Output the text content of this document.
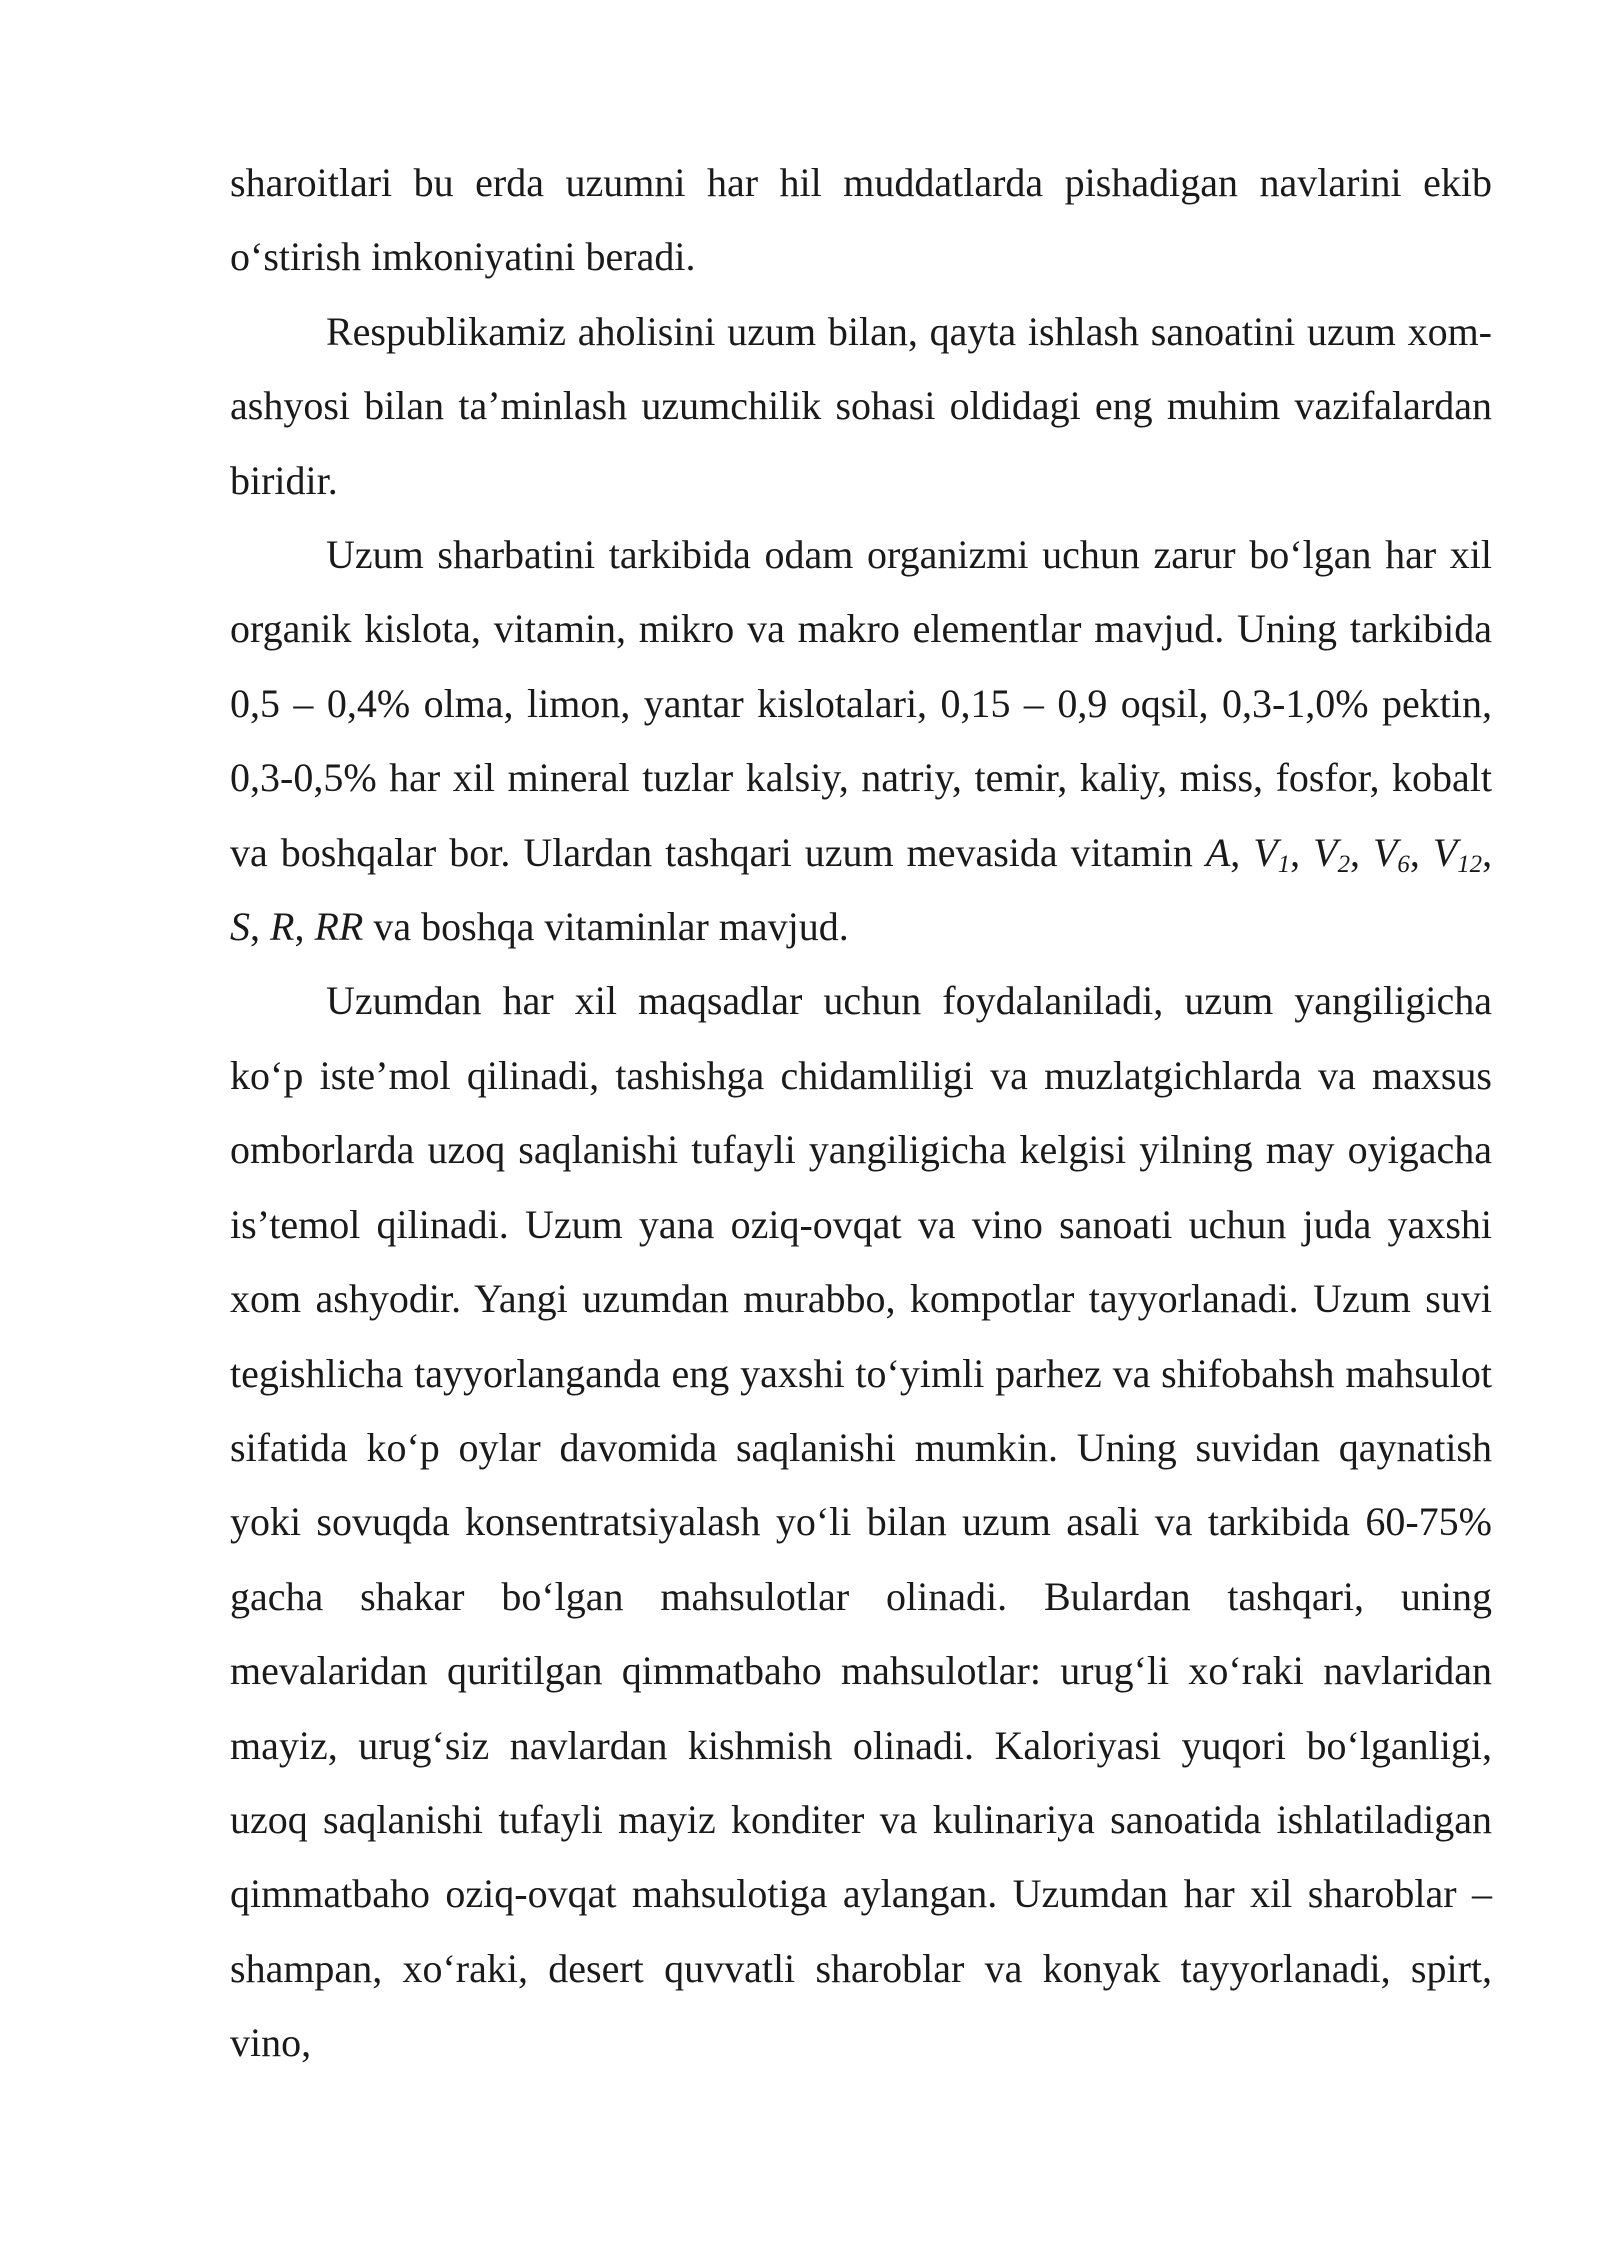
sharoitlari bu erda uzumni har hil muddatlarda pishadigan navlarini ekib o‘stirish imkoniyatini beradi.

Respublikamiz aholisini uzum bilan, qayta ishlash sanoatini uzum xom-ashyosi bilan ta’minlash uzumchilik sohasi oldidagi eng muhim vazifalardan biridir.

Uzum sharbatini tarkibida odam organizmi uchun zarur bo‘lgan har xil organik kislota, vitamin, mikro va makro elementlar mavjud. Uning tarkibida 0,5 – 0,4% olma, limon, yantar kislotalari, 0,15 – 0,9 oqsil, 0,3-1,0% pektin, 0,3-0,5% har xil mineral tuzlar kalsiy, natriy, temir, kaliy, miss, fosfor, kobalt va boshqalar bor. Ulardan tashqari uzum mevasida vitamin A, $V_1$, $V_2$, $V_6$, $V_{12}$, S, R, RR va boshqa vitaminlar mavjud.

Uzumdan har xil maqsadlar uchun foydalaniladi, uzum yangiligicha ko‘p iste’mol qilinadi, tashishga chidamliligi va muzlatgichlarda va maxsus omborlarda uzoq saqlanishi tufayli yangiligicha kelgisi yilning may oyigacha is’temol qilinadi. Uzum yana oziq-ovqat va vino sanoati uchun juda yaxshi xom ashyodir. Yangi uzumdan murabbo, kompotlar tayyorlanadi. Uzum suvi tegishlicha tayyorlanganda eng yaxshi to‘yimli parhez va shifobahsh mahsulot sifatida ko‘p oylar davomida saqlanishi mumkin. Uning suvidan qaynatish yoki sovuqda konsentratsiyalash yo‘li bilan uzum asali va tarkibida 60-75% gacha shakar bo‘lgan mahsulotlar olinadi. Bulardan tashqari, uning mevalaridan quritilgan qimmatbaho mahsulotlar: urug‘li xo‘raki navlaridan mayiz, urug‘siz navlardan kishmish olinadi. Kaloriyasi yuqori bo‘lganligi, uzoq saqlanishi tufayli mayiz konditer va kulinariya sanoatida ishlatiladigan qimmatbaho oziq-ovqat mahsulotiga aylangan. Uzumdan har xil sharoblar – shampan, xo‘raki, desert quvvatli sharoblar va konyak tayyorlanadi, spirt, vino,
